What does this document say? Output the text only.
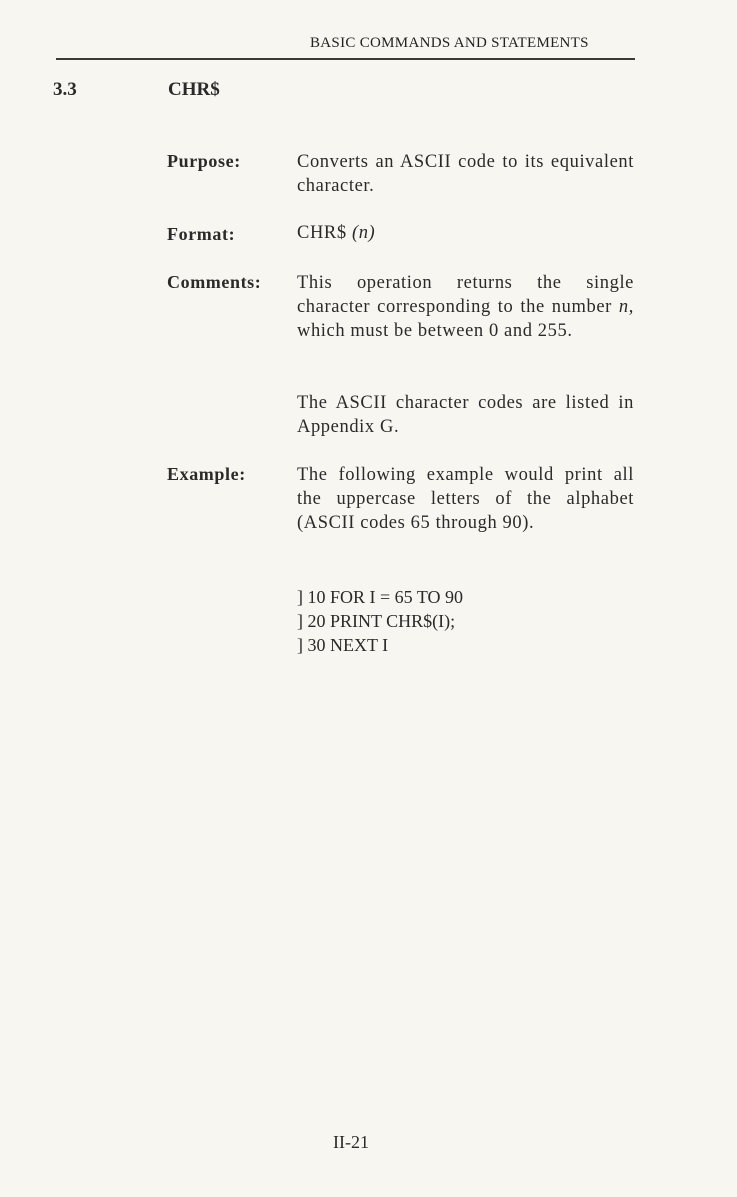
BASIC COMMANDS AND STATEMENTS
3.3	CHR$
Purpose:	Converts an ASCII code to its equivalent character.
Format:	CHR$ (n)
Comments: This operation returns the single character corresponding to the number n, which must be between 0 and 255.
The ASCII character codes are listed in Appendix G.
Example:	The following example would print all the uppercase letters of the alphabet (ASCII codes 65 through 90).
] 10 FOR I = 65 TO 90
] 20 PRINT CHR$(I);
] 30 NEXT I
II-21
